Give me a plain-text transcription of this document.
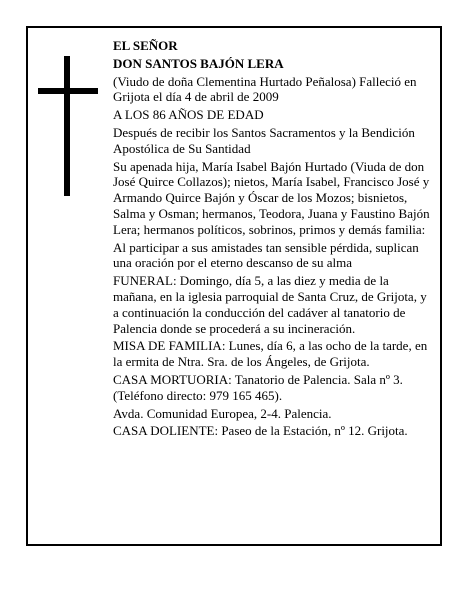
EL SEÑOR

DON SANTOS BAJÓN LERA

(Viudo de doña Clementina Hurtado Peñalosa) Falleció en Grijota el día 4 de abril de 2009

A LOS 86 AÑOS DE EDAD

Después de recibir los Santos Sacramentos y la Bendición Apostólica de Su Santidad

Su apenada hija, María Isabel Bajón Hurtado (Viuda de don José Quirce Collazos); nietos, María Isabel, Francisco José y Armando Quirce Bajón y Óscar de los Mozos; bisnietos, Salma y Osman; hermanos, Teodora, Juana y Faustino Bajón Lera; hermanos políticos, sobrinos, primos y demás familia:

Al participar a sus amistades tan sensible pérdida, suplican una oración por el eterno descanso de su alma

FUNERAL: Domingo, día 5, a las diez y media de la mañana, en la iglesia parroquial de Santa Cruz, de Grijota, y a continuación la conducción del cadáver al tanatorio de Palencia donde se procederá a su incineración.

MISA DE FAMILIA: Lunes, día 6, a las ocho de la tarde, en la ermita de Ntra. Sra. de los Ángeles, de Grijota.

CASA MORTUORIA: Tanatorio de Palencia. Sala nº 3. (Teléfono directo: 979 165 465).

Avda. Comunidad Europea, 2-4. Palencia.

CASA DOLIENTE: Paseo de la Estación, nº 12. Grijota.
